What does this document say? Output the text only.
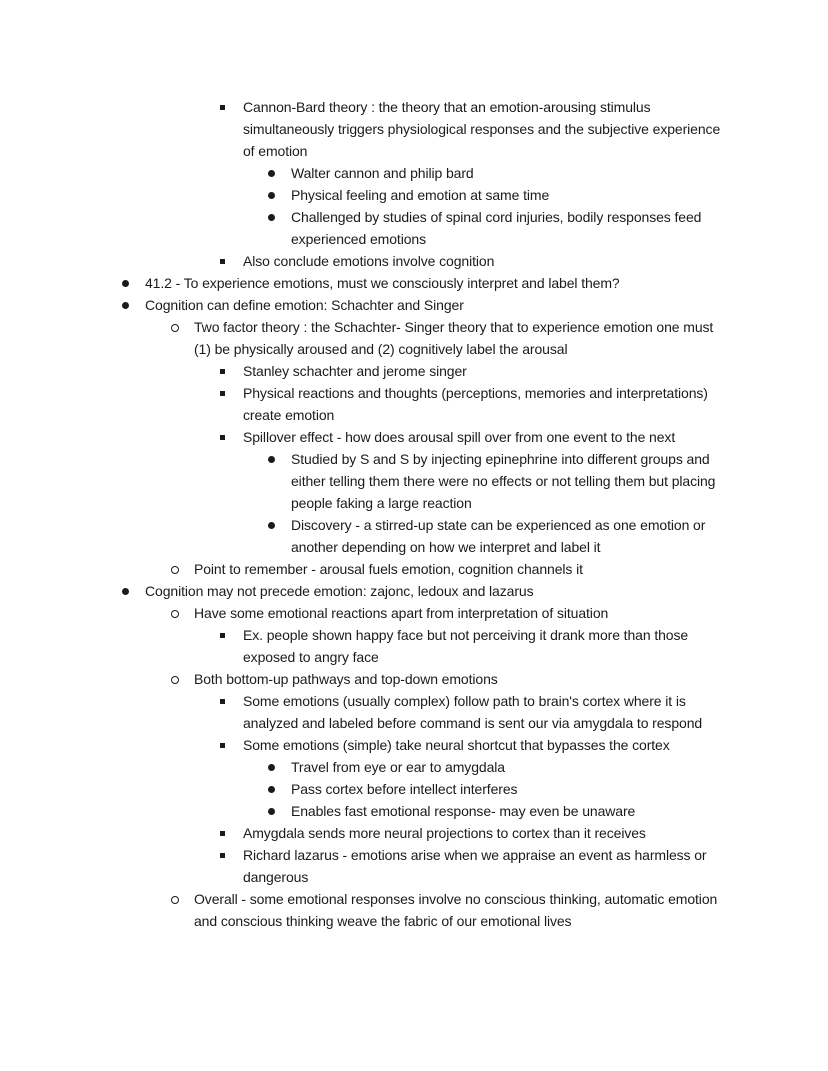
Cannon-Bard theory : the theory that an emotion-arousing stimulus simultaneously triggers physiological responses and the subjective experience of emotion
Walter cannon and philip bard
Physical feeling and emotion at same time
Challenged by studies of spinal cord injuries, bodily responses feed experienced emotions
Also conclude emotions involve cognition
41.2 - To experience emotions, must we consciously interpret and label them?
Cognition can define emotion: Schachter and Singer
Two factor theory : the Schachter- Singer theory that to experience emotion one must (1) be physically aroused and (2) cognitively label the arousal
Stanley schachter and jerome singer
Physical reactions and thoughts (perceptions, memories and interpretations) create emotion
Spillover effect - how does arousal spill over from one event to the next
Studied by S and S by injecting epinephrine into different groups and either telling them there were no effects or not telling them but placing people faking a large reaction
Discovery - a stirred-up state can be experienced as one emotion or another depending on how we interpret and label it
Point to remember - arousal fuels emotion, cognition channels it
Cognition may not precede emotion: zajonc, ledoux and lazarus
Have some emotional reactions apart from interpretation of situation
Ex. people shown happy face but not perceiving it drank more than those exposed to angry face
Both bottom-up pathways and top-down emotions
Some emotions (usually complex) follow path to brain's cortex where it is analyzed and labeled before command is sent our via amygdala to respond
Some emotions (simple) take neural shortcut that bypasses the cortex
Travel from eye or ear to amygdala
Pass cortex before intellect interferes
Enables fast emotional response- may even be unaware
Amygdala sends more neural projections to cortex than it receives
Richard lazarus - emotions arise when we appraise an event as harmless or dangerous
Overall - some emotional responses involve no conscious thinking, automatic emotion and conscious thinking weave the fabric of our emotional lives
